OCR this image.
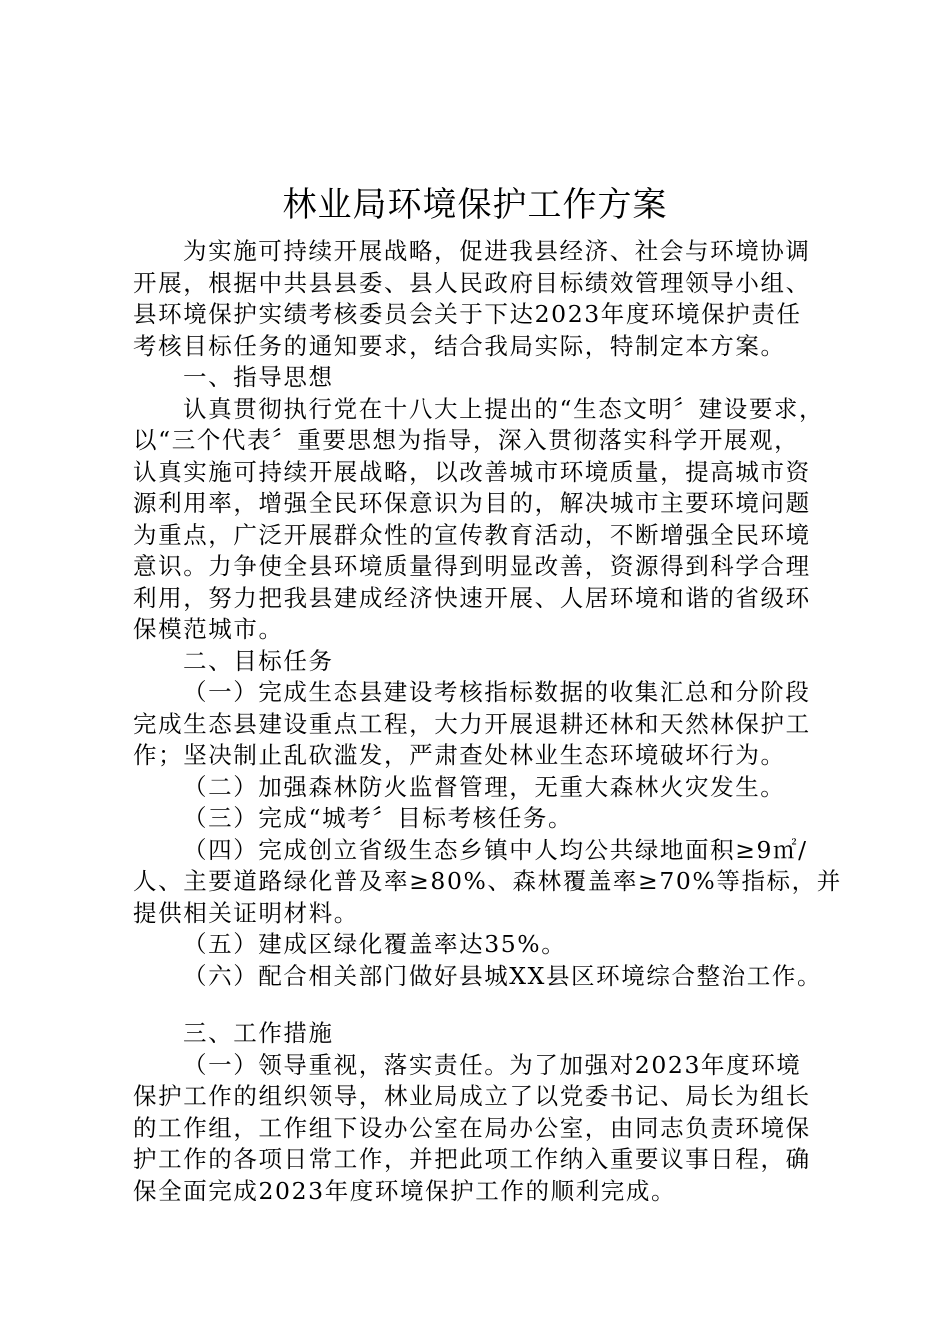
林业局环境保护工作方案
为实施可持续开展战略，促进我县经济、社会与环境协调
开展，根据中共县县委、县人民政府目标绩效管理领导小组、
县环境保护实绩考核委员会关于下达2023年度环境保护责任
考核目标任务的通知要求，结合我局实际，特制定本方案。
一、指导思想
认真贯彻执行党在十八大上提出的“生态文明〞建设要求，
以“三个代表〞重要思想为指导，深入贯彻落实科学开展观，
认真实施可持续开展战略，以改善城市环境质量，提高城市资
源利用率，增强全民环保意识为目的，解决城市主要环境问题
为重点，广泛开展群众性的宣传教育活动，不断增强全民环境
意识。力争使全县环境质量得到明显改善，资源得到科学合理
利用，努力把我县建成经济快速开展、人居环境和谐的省级环
保模范城市。
二、目标任务
（一）完成生态县建设考核指标数据的收集汇总和分阶段
完成生态县建设重点工程，大力开展退耕还林和天然林保护工
作；坚决制止乱砍滥发，严肃查处林业生态环境破坏行为。
（二）加强森林防火监督管理，无重大森林火灾发生。
（三）完成“城考〞目标考核任务。
（四）完成创立省级生态乡镇中人均公共绿地面积≥9㎡/
人、主要道路绿化普及率≥80%、森林覆盖率≥70%等指标，并
提供相关证明材料。
（五）建成区绿化覆盖率达35%。
（六）配合相关部门做好县城XX县区环境综合整治工作。
三、工作措施
（一）领导重视，落实责任。为了加强对2023年度环境
保护工作的组织领导，林业局成立了以党委书记、局长为组长
的工作组，工作组下设办公室在局办公室，由同志负责环境保
护工作的各项日常工作，并把此项工作纳入重要议事日程，确
保全面完成2023年度环境保护工作的顺利完成。
